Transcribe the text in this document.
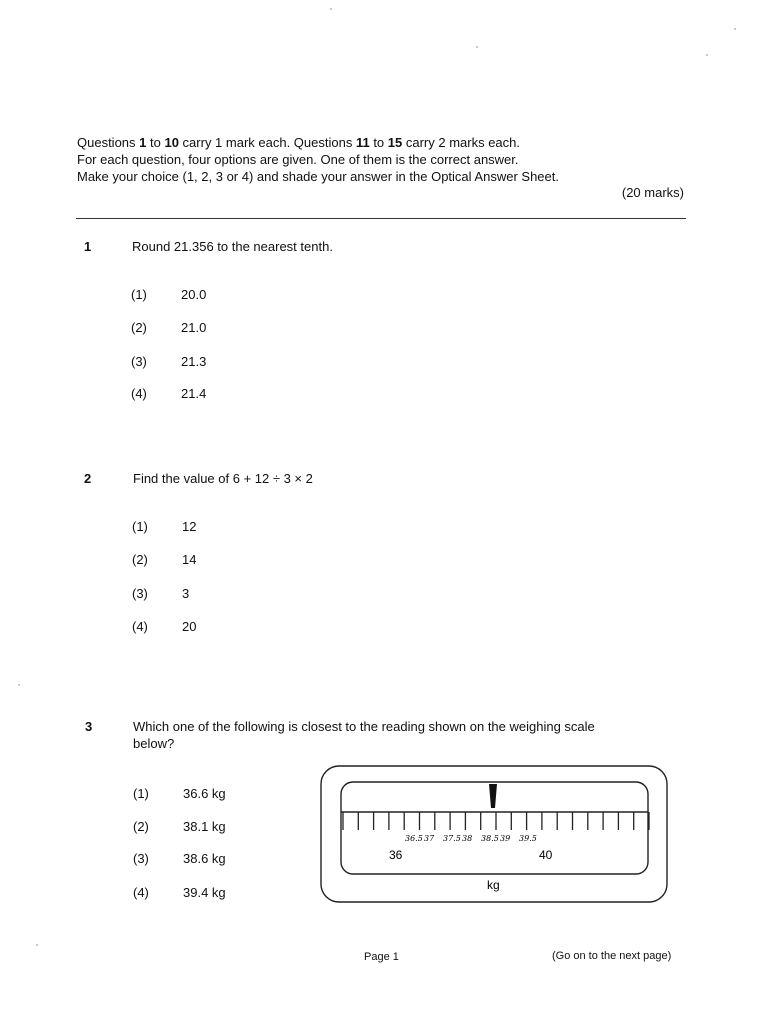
Questions 1 to 10 carry 1 mark each. Questions 11 to 15 carry 2 marks each.
For each question, four options are given. One of them is the correct answer.
Make your choice (1, 2, 3 or 4) and shade your answer in the Optical Answer Sheet.
(20 marks)
1	Round 21.356 to the nearest tenth.
(1)	20.0
(2)	21.0
(3)	21.3
(4)	21.4
2	Find the value of 6 + 12 ÷ 3 × 2
(1)	12
(2)	14
(3)	3
(4)	20
3	Which one of the following is closest to the reading shown on the weighing scale
below?
(1)	36.6 kg
(2)	38.1 kg
(3)	38.6 kg
(4)	39.4 kg
36	40
kg
36.5 37 37.5 38 38.5 39 39.5
Page 1	(Go on to the next page)
